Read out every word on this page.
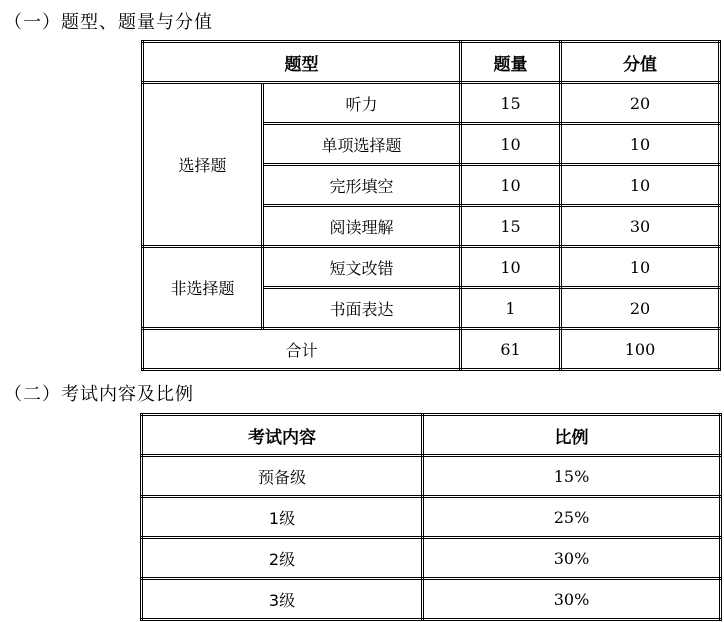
（一）题型、题量与分值
题型		题量	分值
选择题	听力	15	20
	单项选择题	10	10
	完形填空	10	10
	阅读理解	15	30
非选择题	短文改错	10	10
	书面表达	1	20
合计		61	100
（二）考试内容及比例
考试内容	比例
预备级	15%
1级	25%
2级	30%
3级	30%
